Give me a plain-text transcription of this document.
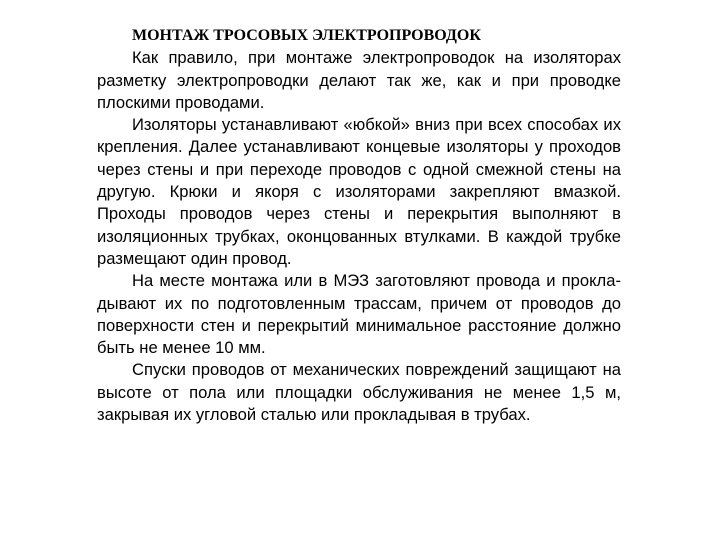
МОНТАЖ ТРОСОВЫХ ЭЛЕКТРОПРОВОДОК

Как правило, при монтаже электропроводок на изоляторах разметку электропроводки делают так же, как и при проводке плоскими проводами.

Изоляторы устанавливают «юбкой» вниз при всех способах их крепления. Далее устанавливают концевые изоляторы у проходов через стены и при переходе проводов с одной смежной стены на другую. Крюки и якоря с изоляторами закрепляют вмазкой. Проходы проводов через стены и перекрытия выполняют в изоляционных трубках, оконцованных втулками. В каждой трубке размещают один провод.

На месте монтажа или в МЭЗ заготовляют провода и прокла-дывают их по подготовленным трассам, причем от проводов до поверхности стен и перекрытий минимальное расстояние должно быть не менее 10 мм.

Спуски проводов от механических повреждений защищают на высоте от пола или площадки обслуживания не менее 1,5 м, закрывая их угловой сталью или прокладывая в трубах.
